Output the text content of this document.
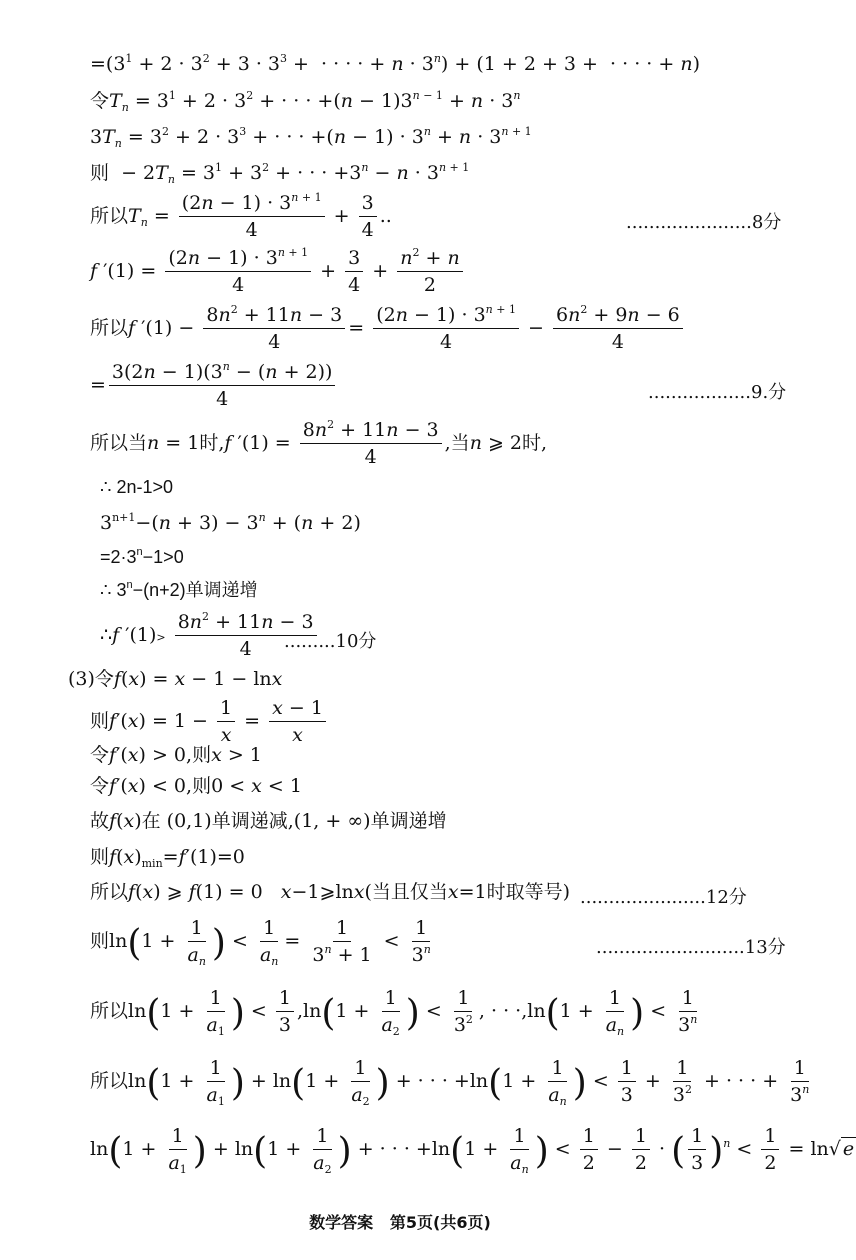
$=(3^1 + 2 \cdot 3^2 + 3 \cdot 3^3$ +  · · · · + $n \cdot 3^n) + (1 + 2 + 3$ +  · · · · + n)
令$T_n = 3^1 + 2 \cdot 3^2$ + · · · $+(n - 1)3^{n - 1} + n \cdot 3^n$
$3T_n = 3^2 + 2 \cdot 3^3$ + · · · $+(n - 1) \cdot 3^n + n \cdot 3^{n + 1}$
则  − $2T_n = 3^1 + 3^2$ + · · · $+3^n - n \cdot 3^{n + 1}$
所以$T_n = \frac{(2n - 1) \cdot 3^{n + 1}}{4} + \frac{3}{4}$ ..	......................8分
f $'(1) = \frac{(2n - 1) \cdot 3^{n + 1}}{4} + \frac{3}{4} + \frac{n^2 + n}{2}$
所以f $'(1) - \frac{8n^2 + 11n - 3}{4} = \frac{(2n - 1) \cdot 3^{n + 1}}{4} - \frac{6n^2 + 9n - 6}{4}$
= $\frac{3(2n - 1)(3^n - (n + 2))}{4}$	..................9.分
所以当n = 1时,f $'(1) = \frac{8n^2 + 11n - 3}{4}$ ,当n ⩾ 2时,
∴ 2n-1>0
$3^{n+1}-(n + 3) - 3^n + (n + 2)$
$=2\cdot 3^n-1>0$
∴ $3^n-(n+2)$单调递增
∴f $'(1)> \frac{8n^2 + 11n - 3}{4}$
.........10分
(3)令f(x) = x − 1 − lnx
则$f'(x) = 1 - \frac{1}{x} = \frac{x - 1}{x}$
令f′(x) > 0,则x > 1
令f′(x) < 0,则0 < x < 1
故f(x)在 (0,1)单调递减,(1, + ∞)单调递增
则$f(x)_{min}=f'(1)=0$
所以f(x) ⩾ f(1) = 0   x−1⩾lnx(当且仅当x=1时取等号) ......................12分
则$\ln(1 + \frac{1}{a_n}$ ) < $\frac{1}{a_n} = \frac{1}{3^n + 1} < \frac{1}{3^n}$	..........................13分
所以$\ln(1 + \frac{1}{a_1}$ ) < $\frac{1}{3} ,\ln(1 + \frac{1}{a_2}$ ) < $\frac{1}{3^2}$ , · · $\cdot,\ln(1 + \frac{1}{a_n}$ ) < $\frac{1}{3^n}$
所以$\ln(1 + \frac{1}{a_1}$ ) + $\ln(1 + \frac{1}{a_2}$ ) + · · · $+\ln(1 + \frac{1}{a_n}$ ) < $\frac{1}{3} + \frac{1}{3^2}$ + · · · + $\frac{1}{3^n}$
$\ln(1 + \frac{1}{a_1}$ ) + $\ln(1 + \frac{1}{a_2}$ ) + · · · $+\ln(1 + \frac{1}{a_n}$ ) < $\frac{1}{2} - \frac{1}{2}$ · ( $\frac{1}{3} )^n < \frac{1}{2} = \ln√$ e
数学答案 第5页(共6页)
